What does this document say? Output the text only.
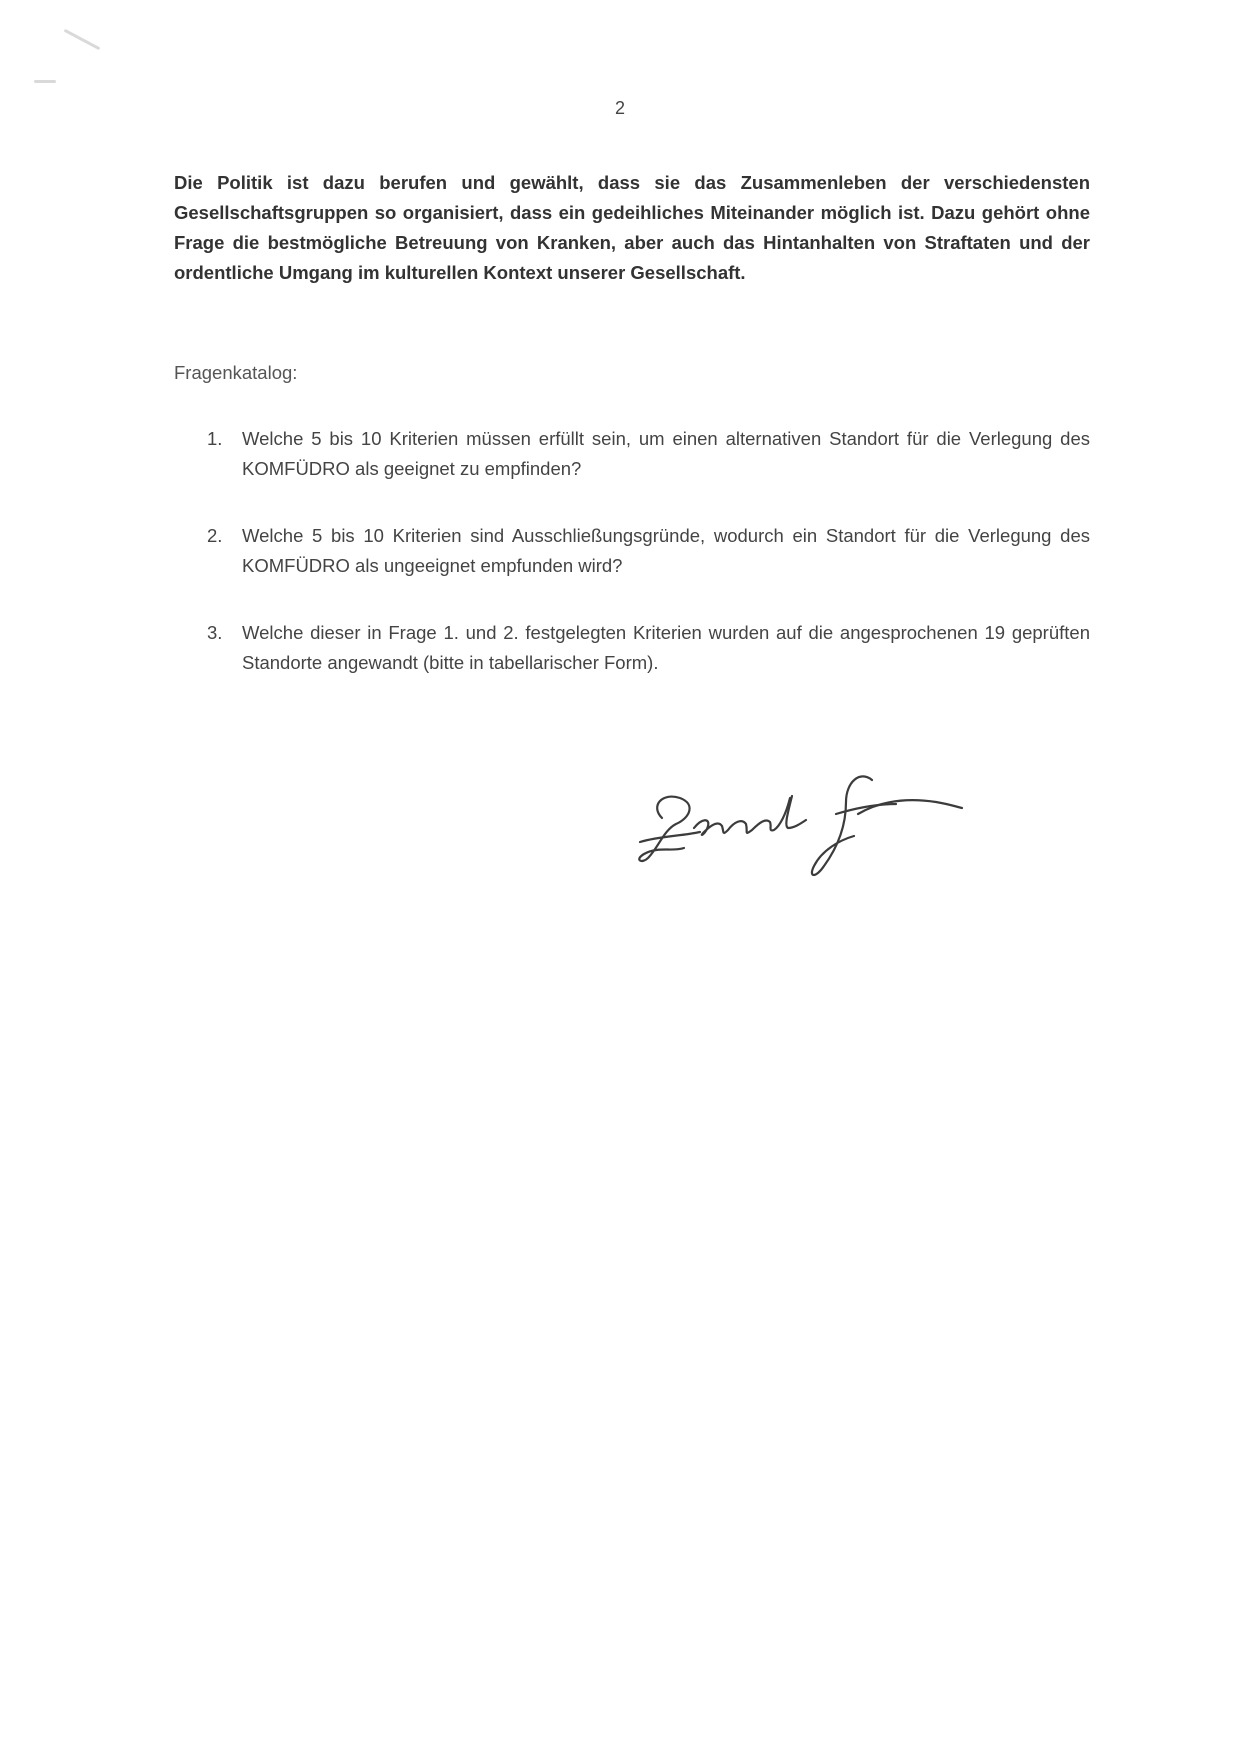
2

Die Politik ist dazu berufen und gewählt, dass sie das Zusammenleben der verschiedensten Gesellschaftsgruppen so organisiert, dass ein gedeihliches Miteinander möglich ist. Dazu gehört ohne Frage die bestmögliche Betreuung von Kranken, aber auch das Hintanhalten von Straftaten und der ordentliche Umgang im kulturellen Kontext unserer Gesellschaft.

Fragenkatalog:
1. Welche 5 bis 10 Kriterien müssen erfüllt sein, um einen alternativen Standort für die Verlegung des KOMFÜDRO als geeignet zu empfinden?
2. Welche 5 bis 10 Kriterien sind Ausschließungsgründe, wodurch ein Standort für die Verlegung des KOMFÜDRO als ungeeignet empfunden wird?
3. Welche dieser in Frage 1. und 2. festgelegten Kriterien wurden auf die angesprochenen 19 geprüften Standorte angewandt (bitte in tabellarischer Form).
